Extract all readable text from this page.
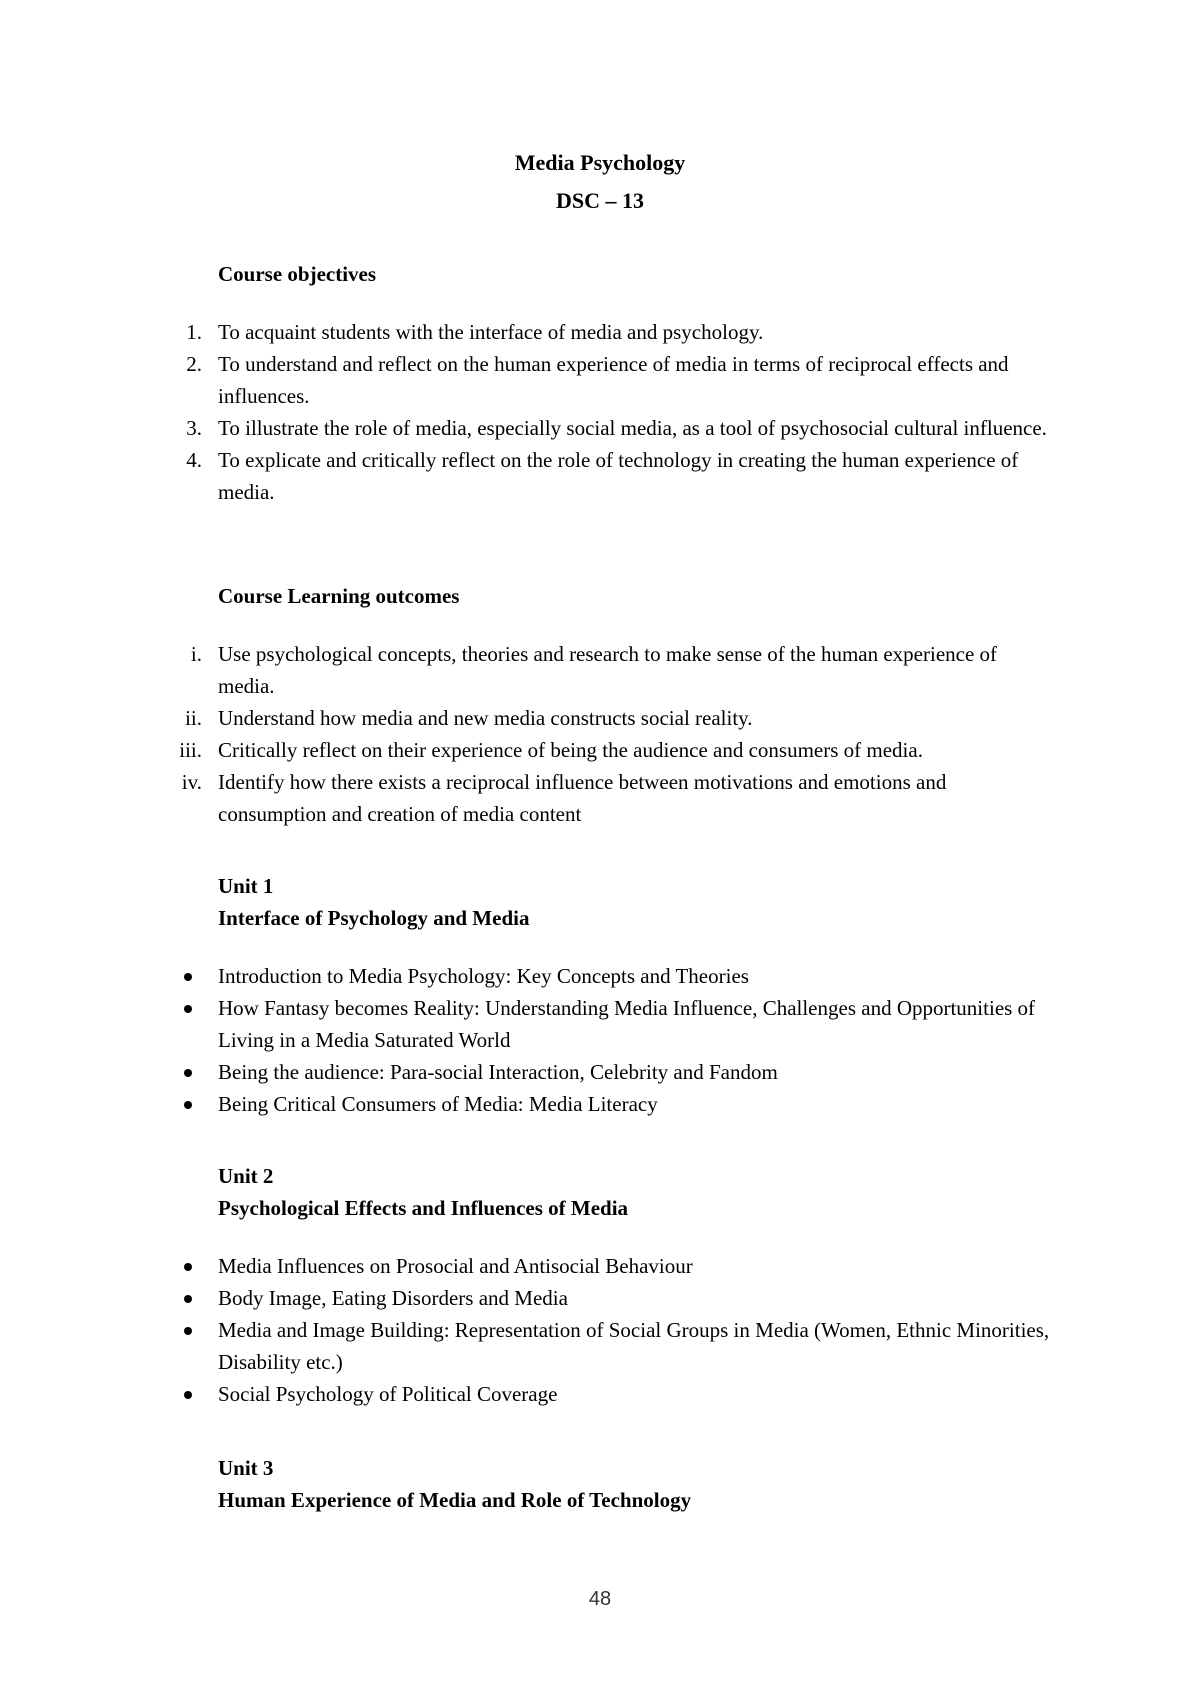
Media Psychology
DSC – 13

Course objectives

1. To acquaint students with the interface of media and psychology.
2. To understand and reflect on the human experience of media in terms of reciprocal effects and influences.
3. To illustrate the role of media, especially social media, as a tool of psychosocial cultural influence.
4. To explicate and critically reflect on the role of technology in creating the human experience of media.

Course Learning outcomes

i. Use psychological concepts, theories and research to make sense of the human experience of media.
ii. Understand how media and new media constructs social reality.
iii. Critically reflect on their experience of being the audience and consumers of media.
iv. Identify how there exists a reciprocal influence between motivations and emotions and consumption and creation of media content

Unit 1

Interface of Psychology and Media

Introduction to Media Psychology: Key Concepts and Theories
How Fantasy becomes Reality: Understanding Media Influence, Challenges and Opportunities of Living in a Media Saturated World
Being the audience: Para-social Interaction, Celebrity and Fandom
Being Critical Consumers of Media: Media Literacy

Unit 2

Psychological Effects and Influences of Media

Media Influences on Prosocial and Antisocial Behaviour
Body Image, Eating Disorders and Media
Media and Image Building: Representation of Social Groups in Media (Women, Ethnic Minorities, Disability etc.)
Social Psychology of Political Coverage

Unit 3

Human Experience of Media and Role of Technology

48
